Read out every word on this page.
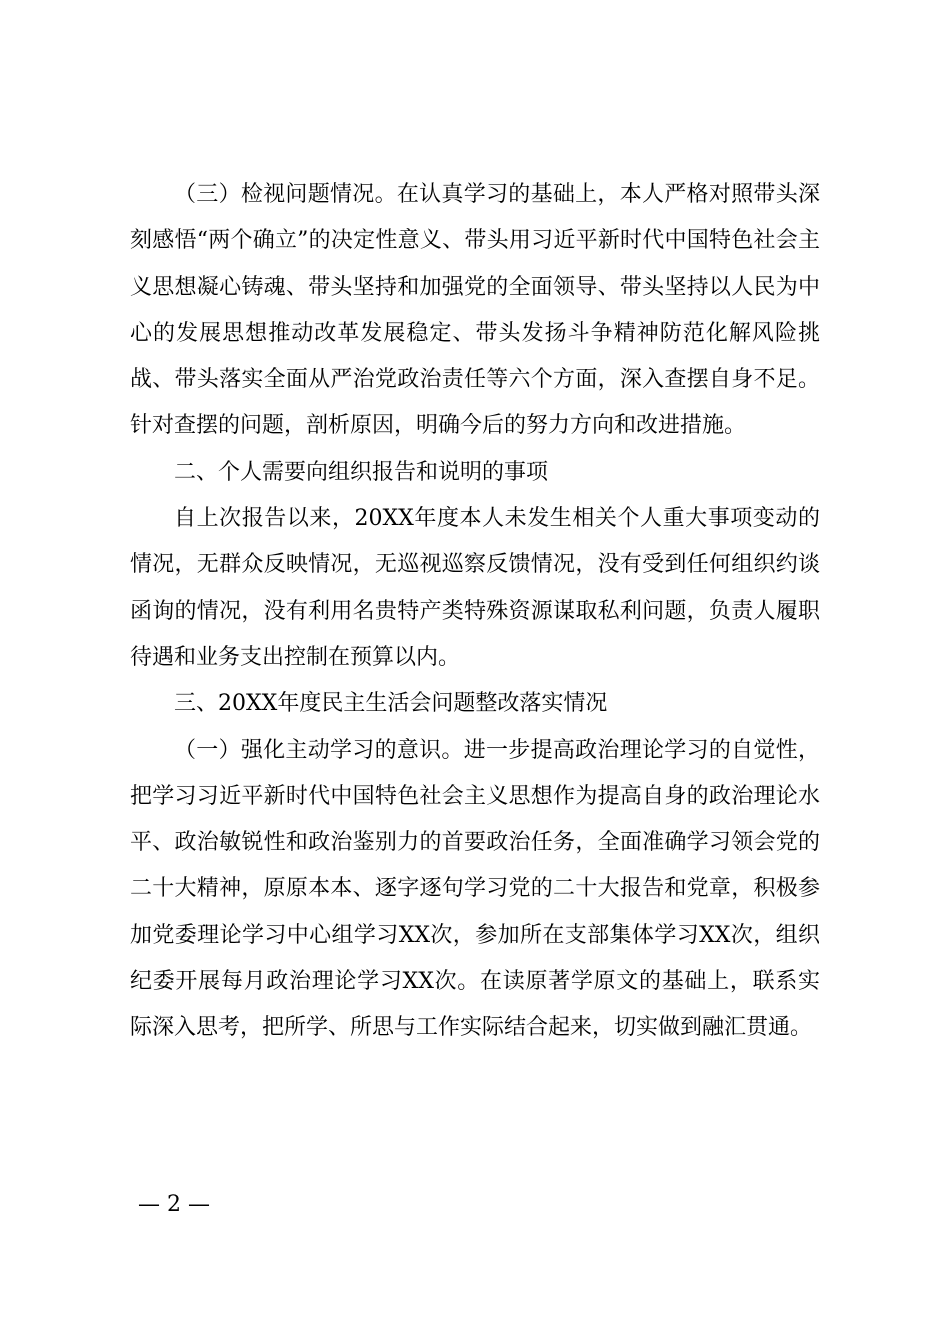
（三）检视问题情况。在认真学习的基础上，本人严格对照带头深刻感悟“两个确立”的决定性意义、带头用习近平新时代中国特色社会主义思想凝心铸魂、带头坚持和加强党的全面领导、带头坚持以人民为中心的发展思想推动改革发展稳定、带头发扬斗争精神防范化解风险挑战、带头落实全面从严治党政治责任等六个方面，深入查摆自身不足。针对查摆的问题，剖析原因，明确今后的努力方向和改进措施。

二、个人需要向组织报告和说明的事项

自上次报告以来，20XX年度本人未发生相关个人重大事项变动的情况，无群众反映情况，无巡视巡察反馈情况，没有受到任何组织约谈函询的情况，没有利用名贵特产类特殊资源谋取私利问题，负责人履职待遇和业务支出控制在预算以内。

三、20XX年度民主生活会问题整改落实情况

（一）强化主动学习的意识。进一步提高政治理论学习的自觉性，把学习习近平新时代中国特色社会主义思想作为提高自身的政治理论水平、政治敏锐性和政治鉴别力的首要政治任务，全面准确学习领会党的二十大精神，原原本本、逐字逐句学习党的二十大报告和党章，积极参加党委理论学习中心组学习XX次，参加所在支部集体学习XX次，组织纪委开展每月政治理论学习XX次。在读原著学原文的基础上，联系实际深入思考，把所学、所思与工作实际结合起来，切实做到融汇贯通。

— 2 —
